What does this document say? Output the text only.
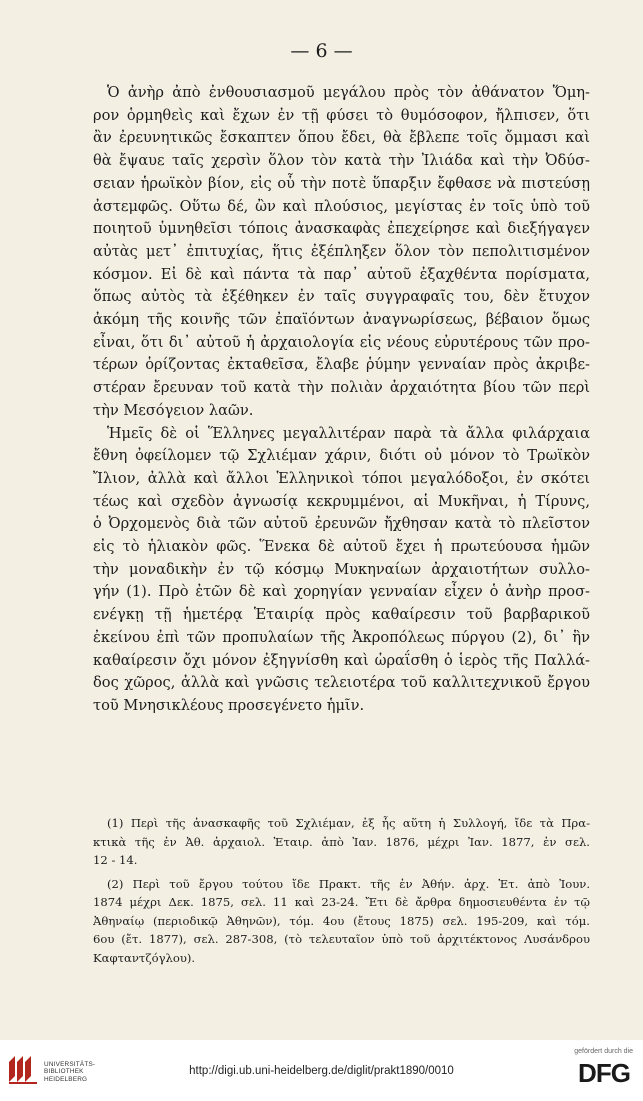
— 6 —
Ὁ ἀνὴρ ἀπὸ ἐνθουσιασμοῦ μεγάλου πρὸς τὸν ἀθάνατον Ὅμη-
ρον ὁρμηθεὶς καὶ ἔχων ἐν τῇ φύσει τὸ θυμόσοφον, ἤλπισεν, ὅτι
ἂν ἐρευνητικῶς ἔσκαπτεν ὅπου ἔδει, θὰ ἔβλεπε τοῖς ὄμμασι καὶ
θὰ ἔψαυε ταῖς χερσὶν ὅλον τὸν κατὰ τὴν Ἰλιάδα καὶ τὴν Ὀδύσ-
σειαν ἡρωϊκὸν βίον, εἰς οὗ τὴν ποτὲ ὕπαρξιν ἔφθασε νὰ πιστεύσῃ
ἀστεμφῶς. Οὕτω δέ, ὢν καὶ πλούσιος, μεγίστας ἐν τοῖς ὑπὸ τοῦ
ποιητοῦ ὑμνηθεῖσι τόποις ἀνασκαφὰς ἐπεχείρησε καὶ διεξήγαγεν
αὐτὰς μετ᾽ ἐπιτυχίας, ἥτις ἐξέπληξεν ὅλον τὸν πεπολιτισμένον
κόσμον. Εἰ δὲ καὶ πάντα τὰ παρ᾽ αὐτοῦ ἐξαχθέντα πορίσματα,
ὅπως αὐτὸς τὰ ἐξέθηκεν ἐν ταῖς συγγραφαῖς του, δὲν ἔτυχον
ἀκόμη τῆς κοινῆς τῶν ἐπαϊόντων ἀναγνωρίσεως, βέβαιον ὅμως
εἶναι, ὅτι δι᾽ αὐτοῦ ἡ ἀρχαιολογία εἰς νέους εὐρυτέρους τῶν προ-
τέρων ὁρίζοντας ἐκταθεῖσα, ἔλαβε ῥύμην γενναίαν πρὸς ἀκριβε-
στέραν ἔρευναν τοῦ κατὰ τὴν πολιὰν ἀρχαιότητα βίου τῶν περὶ
τὴν Μεσόγειον λαῶν.
Ἡμεῖς δὲ οἱ Ἕλληνες μεγαλλιτέραν παρὰ τὰ ἄλλα φιλάρχαια
ἔθνη ὀφείλομεν τῷ Σχλιέμαν χάριν, διότι οὐ μόνον τὸ Τρωϊκὸν
Ἴλιον, ἀλλὰ καὶ ἄλλοι Ἑλληνικοὶ τόποι μεγαλόδοξοι, ἐν σκότει
τέως καὶ σχεδὸν ἀγνωσίᾳ κεκρυμμένοι, αἱ Μυκῆναι, ἡ Τίρυνς,
ὁ Ὀρχομενὸς διὰ τῶν αὐτοῦ ἐρευνῶν ἤχθησαν κατὰ τὸ πλεῖστον
εἰς τὸ ἡλιακὸν φῶς. Ἕνεκα δὲ αὐτοῦ ἔχει ἡ πρωτεύουσα ἡμῶν
τὴν μοναδικὴν ἐν τῷ κόσμῳ Μυκηναίων ἀρχαιοτήτων συλλο-
γήν (1). Πρὸ ἐτῶν δὲ καὶ χορηγίαν γενναίαν εἶχεν ὁ ἀνὴρ προσ-
ενέγκῃ τῇ ἡμετέρᾳ Ἑταιρίᾳ πρὸς καθαίρεσιν τοῦ βαρβαρικοῦ
ἐκείνου ἐπὶ τῶν προπυλαίων τῆς Ἀκροπόλεως πύργου (2), δι᾽ ἣν
καθαίρεσιν ὄχι μόνον ἐξηγνίσθη καὶ ὡραΐσθη ὁ ἱερὸς τῆς Παλλά-
δος χῶρος, ἀλλὰ καὶ γνῶσις τελειοτέρα τοῦ καλλιτεχνικοῦ ἔργου
τοῦ Μνησικλέους προσεγένετο ἡμῖν.
(1) Περὶ τῆς ἀνασκαφῆς τοῦ Σχλιέμαν, ἐξ ἧς αὕτη ἡ Συλλογή, ἴδε τὰ Πρα-
κτικὰ τῆς ἐν Ἀθ. ἀρχαιολ. Ἑταιρ. ἀπὸ Ἰαν. 1876, μέχρι Ἰαν. 1877, ἐν σελ.
12 - 14.
(2) Περὶ τοῦ ἔργου τούτου ἴδε Πρακτ. τῆς ἐν Ἀθήν. ἀρχ. Ἑτ. ἀπὸ Ἰουν.
1874 μέχρι Δεκ. 1875, σελ. 11 καὶ 23-24. Ἔτι δὲ ἄρθρα δημοσιευθέντα ἐν τῷ
Ἀθηναίῳ (περιοδικῷ Ἀθηνῶν), τόμ. 4ου (ἔτους 1875) σελ. 195-209, καὶ τόμ.
6ου (ἔτ. 1877), σελ. 287-308, (τὸ τελευταῖον ὑπὸ τοῦ ἀρχιτέκτονος Λυσάνδρου
Καφταντζόγλου).
UNIVERSITÄTS-
BIBLIOTHEK
HEIDELBERG
http://digi.ub.uni-heidelberg.de/diglit/prakt1890/0010
gefördert durch die
DFG
